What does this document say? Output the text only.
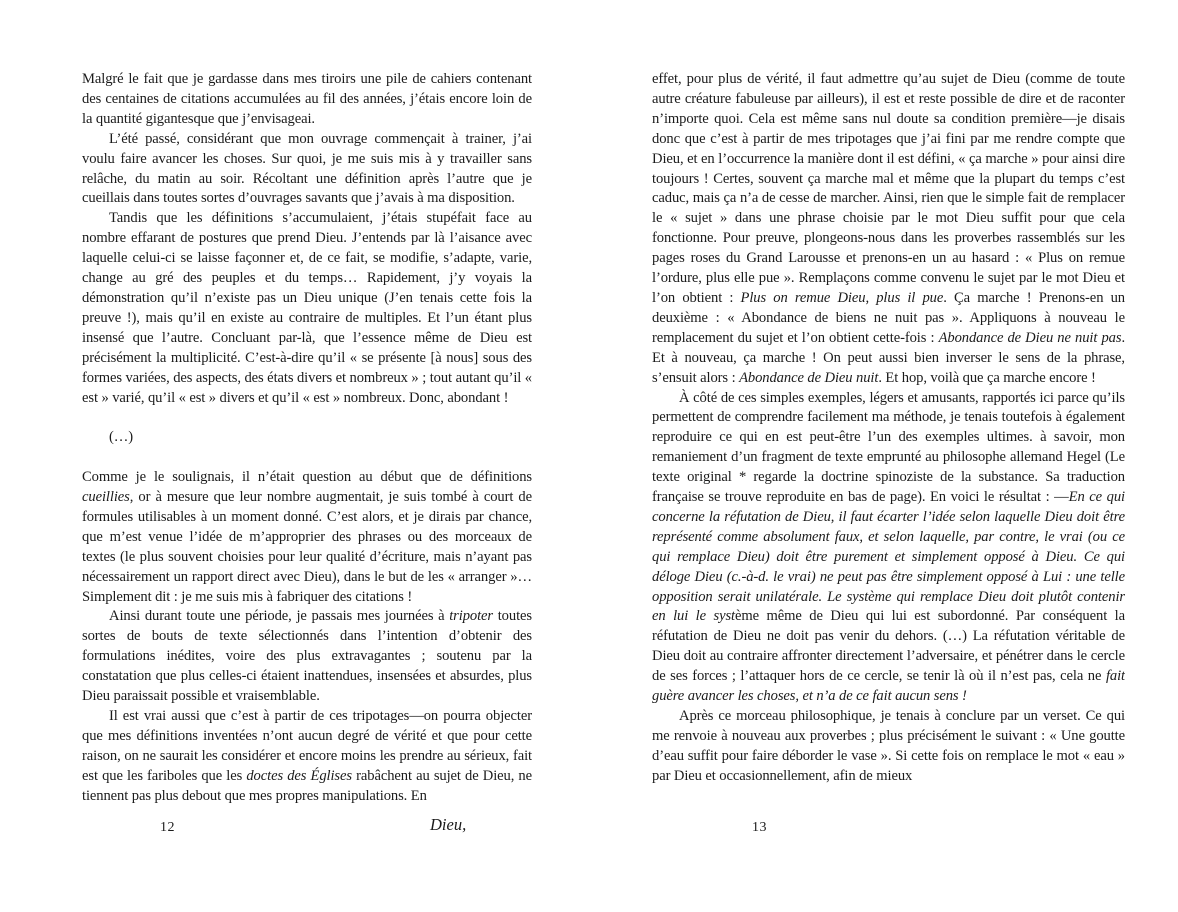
Malgré le fait que je gardasse dans mes tiroirs une pile de cahiers contenant des centaines de citations accumulées au fil des années, j’étais encore loin de la quantité gigantesque que j’envisageai.

L’été passé, considérant que mon ouvrage commençait à trainer, j’ai voulu faire avancer les choses. Sur quoi, je me suis mis à y travailler sans relâche, du matin au soir. Récoltant une définition après l’autre que je cueillais dans toutes sortes d’ouvrages savants que j’avais à ma disposition.

Tandis que les définitions s’accumulaient, j’étais stupéfait face au nombre effarant de postures que prend Dieu. J’entends par là l’aisance avec laquelle celui-ci se laisse façonner et, de ce fait, se modifie, s’adapte, varie, change au gré des peuples et du temps… Rapidement, j’y voyais la démonstration qu’il n’existe pas un Dieu unique (J’en tenais cette fois la preuve !), mais qu’il en existe au contraire de multiples. Et l’un étant plus insensé que l’autre. Concluant par-là, que l’essence même de Dieu est précisément la multiplicité. C’est-à-dire qu’il « se présente [à nous] sous des formes variées, des aspects, des états divers et nombreux » ; tout autant qu’il « est » varié, qu’il « est » divers et qu’il « est » nombreux. Donc, abondant !

(…)

Comme je le soulignais, il n’était question au début que de définitions cueillies, or à mesure que leur nombre augmentait, je suis tombé à court de formules utilisables à un moment donné. C’est alors, et je dirais par chance, que m’est venue l’idée de m’approprier des phrases ou des morceaux de textes (le plus souvent choisies pour leur qualité d’écriture, mais n’ayant pas nécessairement un rapport direct avec Dieu), dans le but de les « arranger »… Simplement dit : je me suis mis à fabriquer des citations !

Ainsi durant toute une période, je passais mes journées à tripoter toutes sortes de bouts de texte sélectionnés dans l’intention d’obtenir des formulations inédites, voire des plus extravagantes ; soutenu par la constatation que plus celles-ci étaient inattendues, insensées et absurdes, plus Dieu paraissait possible et vraisemblable.

Il est vrai aussi que c’est à partir de ces tripotages—on pourra objecter que mes définitions inventées n’ont aucun degré de vérité et que pour cette raison, on ne saurait les considérer et encore moins les prendre au sérieux, fait est que les fariboles que les doctes des Églises rabâchent au sujet de Dieu, ne tiennent pas plus debout que mes propres manipulations. En

12	Dieu,

effet, pour plus de vérité, il faut admettre qu’au sujet de Dieu (comme de toute autre créature fabuleuse par ailleurs), il est et reste possible de dire et de raconter n’importe quoi. Cela est même sans nul doute sa condition première—je disais donc que c’est à partir de mes tripotages que j’ai fini par me rendre compte que Dieu, et en l’occurrence la manière dont il est défini, « ça marche » pour ainsi dire toujours ! Certes, souvent ça marche mal et même que la plupart du temps c’est caduc, mais ça n’a de cesse de marcher. Ainsi, rien que le simple fait de remplacer le « sujet » dans une phrase choisie par le mot Dieu suffit pour que cela fonctionne. Pour preuve, plongeons-nous dans les proverbes rassemblés sur les pages roses du Grand Larousse et prenons-en un au hasard : « Plus on remue l’ordure, plus elle pue ». Remplaçons comme convenu le sujet par le mot Dieu et l’on obtient : Plus on remue Dieu, plus il pue. Ça marche ! Prenons-en un deuxième : « Abondance de biens ne nuit pas ». Appliquons à nouveau le remplacement du sujet et l’on obtient cette-fois : Abondance de Dieu ne nuit pas. Et à nouveau, ça marche ! On peut aussi bien inverser le sens de la phrase, s’ensuit alors : Abondance de Dieu nuit. Et hop, voilà que ça marche encore !

À côté de ces simples exemples, légers et amusants, rapportés ici parce qu’ils permettent de comprendre facilement ma méthode, je tenais toutefois à également reproduire ce qui en est peut-être l’un des exemples ultimes. à savoir, mon remaniement d’un fragment de texte emprunté au philosophe allemand Hegel (Le texte original * regarde la doctrine spinoziste de la substance. Sa traduction française se trouve reproduite en bas de page). En voici le résultat : —En ce qui concerne la réfutation de Dieu, il faut écarter l’idée selon laquelle Dieu doit être représenté comme absolument faux, et selon laquelle, par contre, le vrai (ou ce qui remplace Dieu) doit être purement et simplement opposé à Dieu. Ce qui déloge Dieu (c.-à-d. le vrai) ne peut pas être simplement opposé à Lui : une telle opposition serait unilatérale. Le système qui remplace Dieu doit plutôt contenir en lui le système même de Dieu qui lui est subordonné. Par conséquent la réfutation de Dieu ne doit pas venir du dehors. (…) La réfutation véritable de Dieu doit au contraire affronter directement l’adversaire, et pénétrer dans le cercle de ses forces ; l’attaquer hors de ce cercle, se tenir là où il n’est pas, cela ne fait guère avancer les choses, et n’a de ce fait aucun sens !

Après ce morceau philosophique, je tenais à conclure par un verset. Ce qui me renvoie à nouveau aux proverbes ; plus précisément le suivant : « Une goutte d’eau suffit pour faire déborder le vase ». Si cette fois on remplace le mot « eau » par Dieu et occasionnellement, afin de mieux

13
